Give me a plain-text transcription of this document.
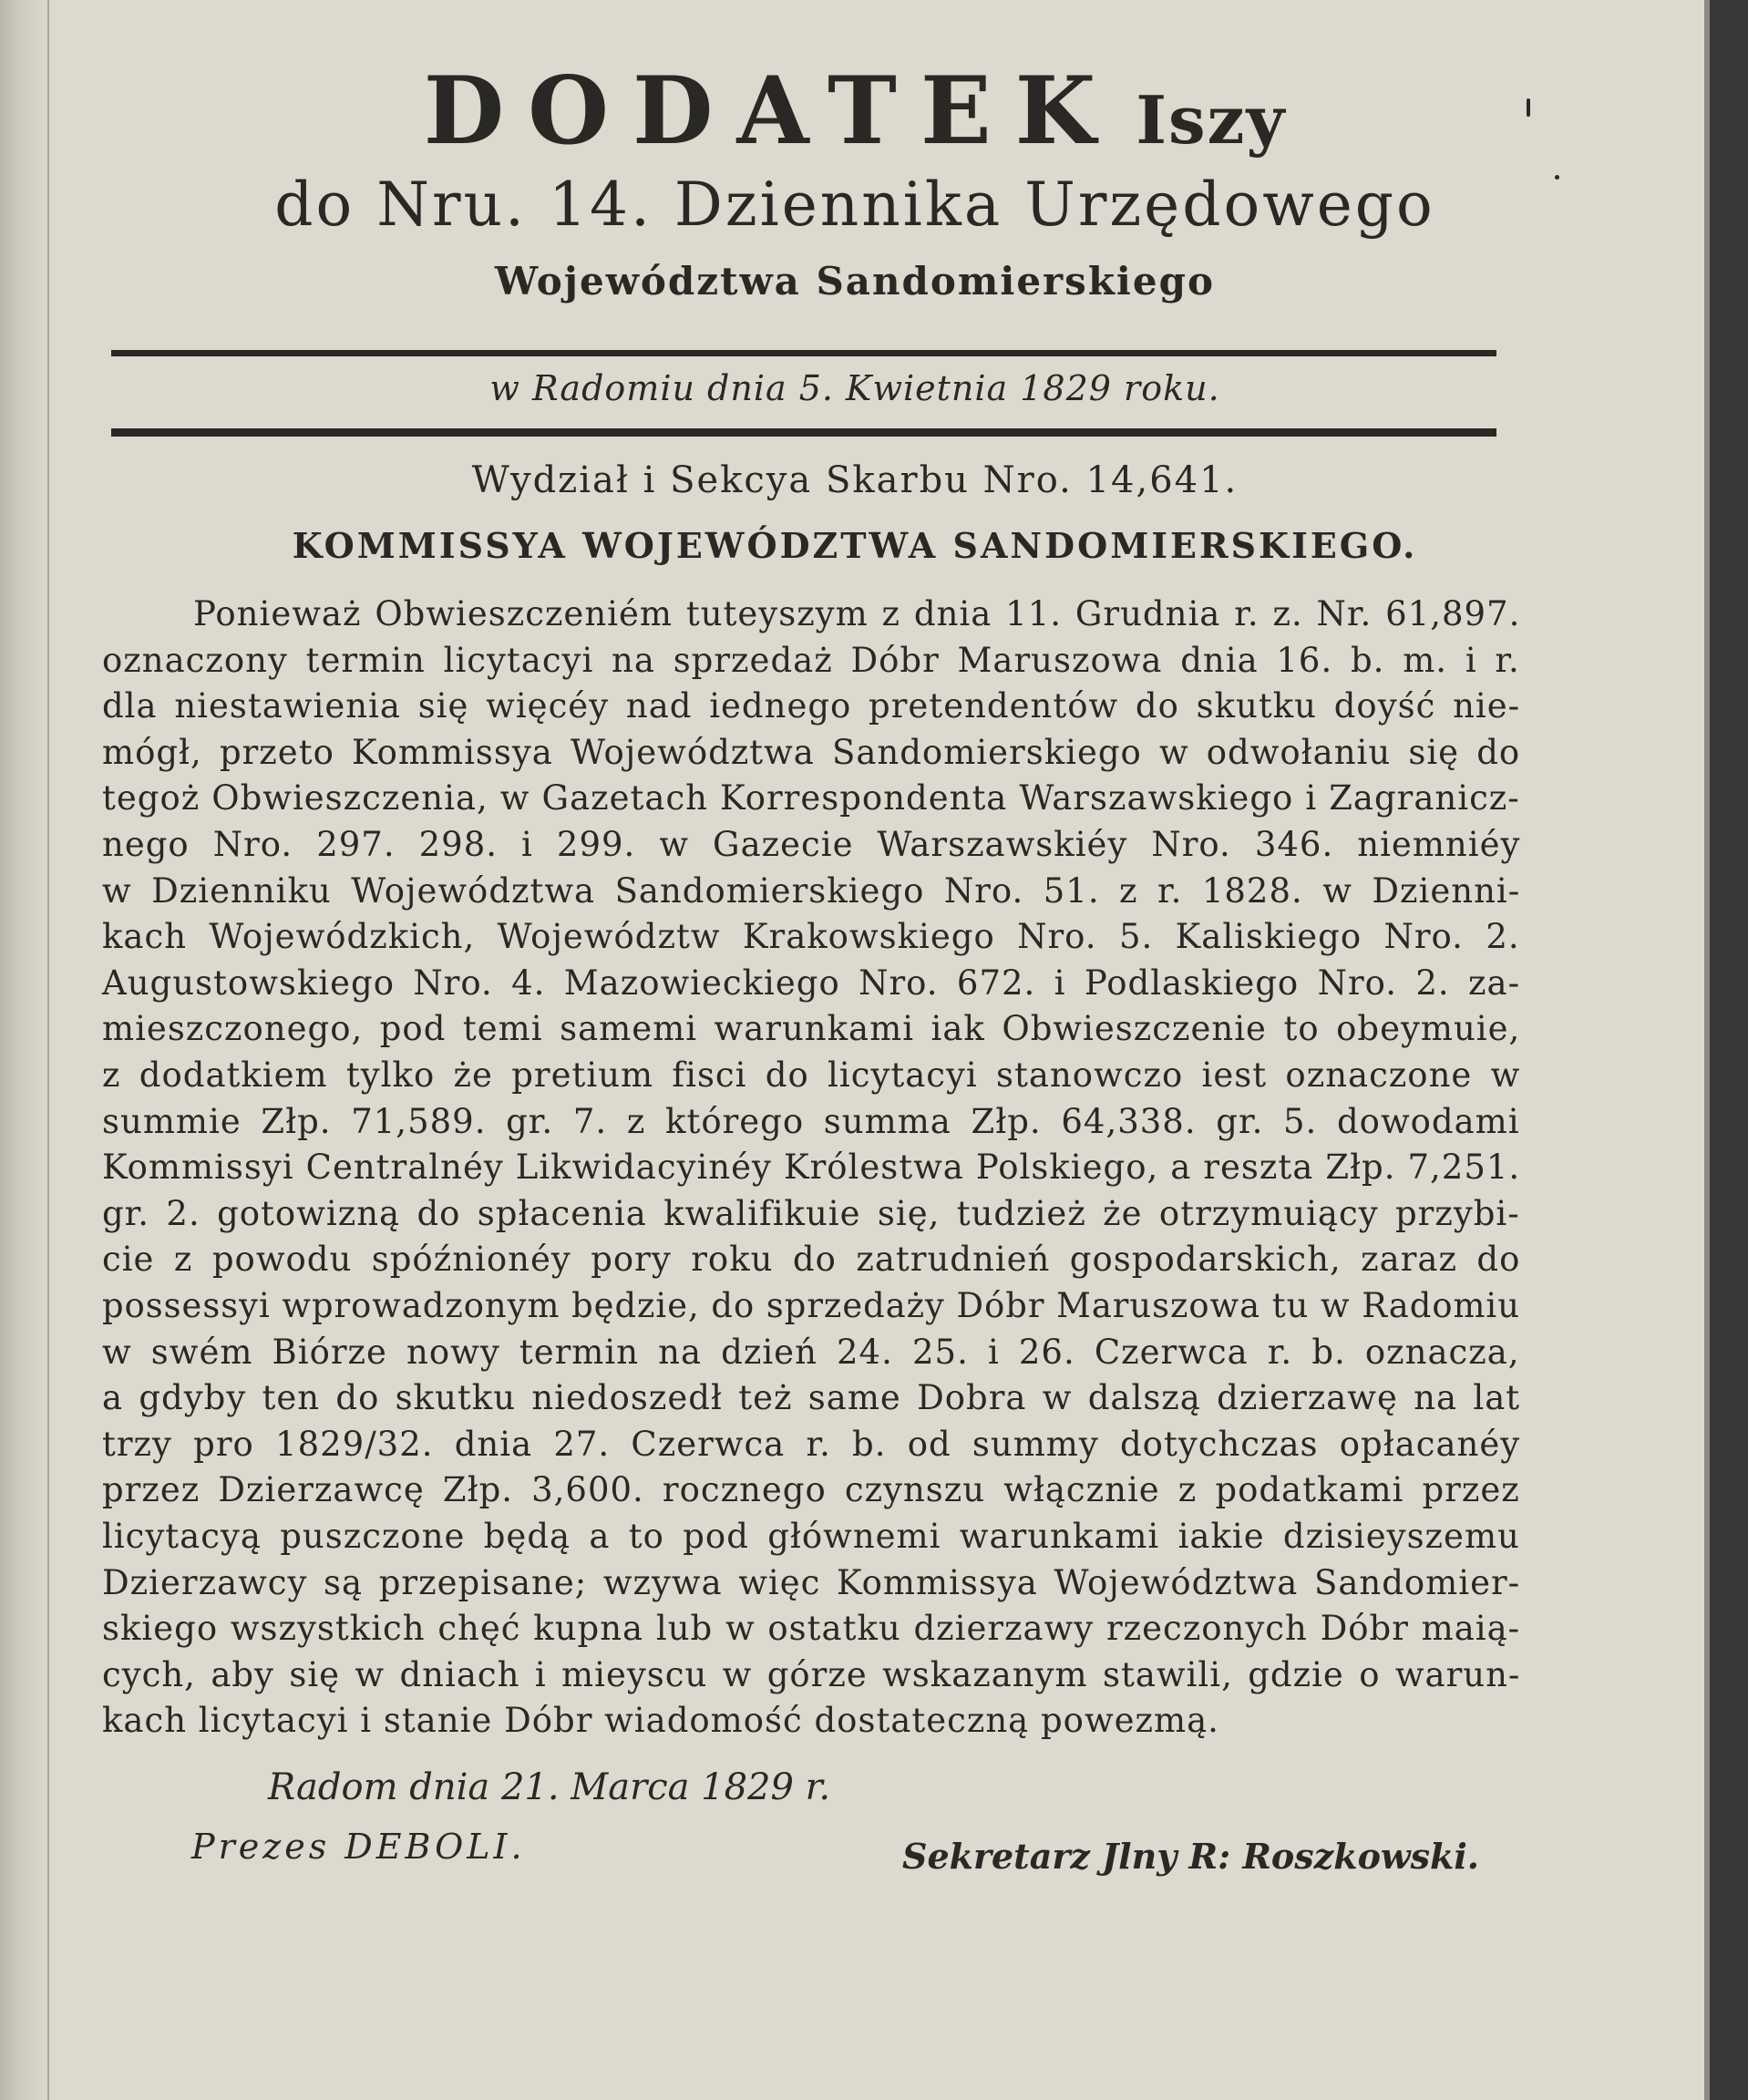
DODATEK Iszy
do Nru. 14. Dziennika Urzędowego
Województwa Sandomierskiego
w Radomiu dnia 5. Kwietnia 1829 roku.
Wydział i Sekcya Skarbu Nro. 14,641.
KOMMISSYA WOJEWÓDZTWA SANDOMIERSKIEGO.
Ponieważ Obwieszczeniém tuteyszym z dnia 11. Grudnia r. z. Nr. 61,897.
oznaczony termin licytacyi na sprzedaż Dóbr Maruszowa dnia 16. b. m. i r.
dla niestawienia się więcéy nad iednego pretendentów do skutku doyść nie-
mógł, przeto Kommissya Województwa Sandomierskiego w odwołaniu się do
tegoż Obwieszczenia, w Gazetach Korrespondenta Warszawskiego i Zagranicz-
nego Nro. 297. 298. i 299. w Gazecie Warszawskiéy Nro. 346. niemniéy
w Dzienniku Województwa Sandomierskiego Nro. 51. z r. 1828. w Dzienni-
kach Wojewódzkich, Województw Krakowskiego Nro. 5. Kaliskiego Nro. 2.
Augustowskiego Nro. 4. Mazowieckiego Nro. 672. i Podlaskiego Nro. 2. za-
mieszczonego, pod temi samemi warunkami iak Obwieszczenie to obeymuie,
z dodatkiem tylko że pretium fisci do licytacyi stanowczo iest oznaczone w
summie Złp. 71,589. gr. 7. z którego summa Złp. 64,338. gr. 5. dowodami
Kommissyi Centralnéy Likwidacyinéy Królestwa Polskiego, a reszta Złp. 7,251.
gr. 2. gotowizną do spłacenia kwalifikuie się, tudzież że otrzymuiący przybi-
cie z powodu spóźnionéy pory roku do zatrudnień gospodarskich, zaraz do
possessyi wprowadzonym będzie, do sprzedaży Dóbr Maruszowa tu w Radomiu
w swém Biórze nowy termin na dzień 24. 25. i 26. Czerwca r. b. oznacza,
a gdyby ten do skutku niedoszedł też same Dobra w dalszą dzierzawę na lat
trzy pro 1829/32. dnia 27. Czerwca r. b. od summy dotychczas opłacanéy
przez Dzierzawcę Złp. 3,600. rocznego czynszu włącznie z podatkami przez
licytacyą puszczone będą a to pod głównemi warunkami iakie dzisieyszemu
Dzierzawcy są przepisane; wzywa więc Kommissya Województwa Sandomier-
skiego wszystkich chęć kupna lub w ostatku dzierzawy rzeczonych Dóbr maią-
cych, aby się w dniach i mieyscu w górze wskazanym stawili, gdzie o warun-
kach licytacyi i stanie Dóbr wiadomość dostateczną powezmą.
Radom dnia 21. Marca 1829 r.
Prezes DEBOLI.	Sekretarz Jlny R: Roszkowski.
